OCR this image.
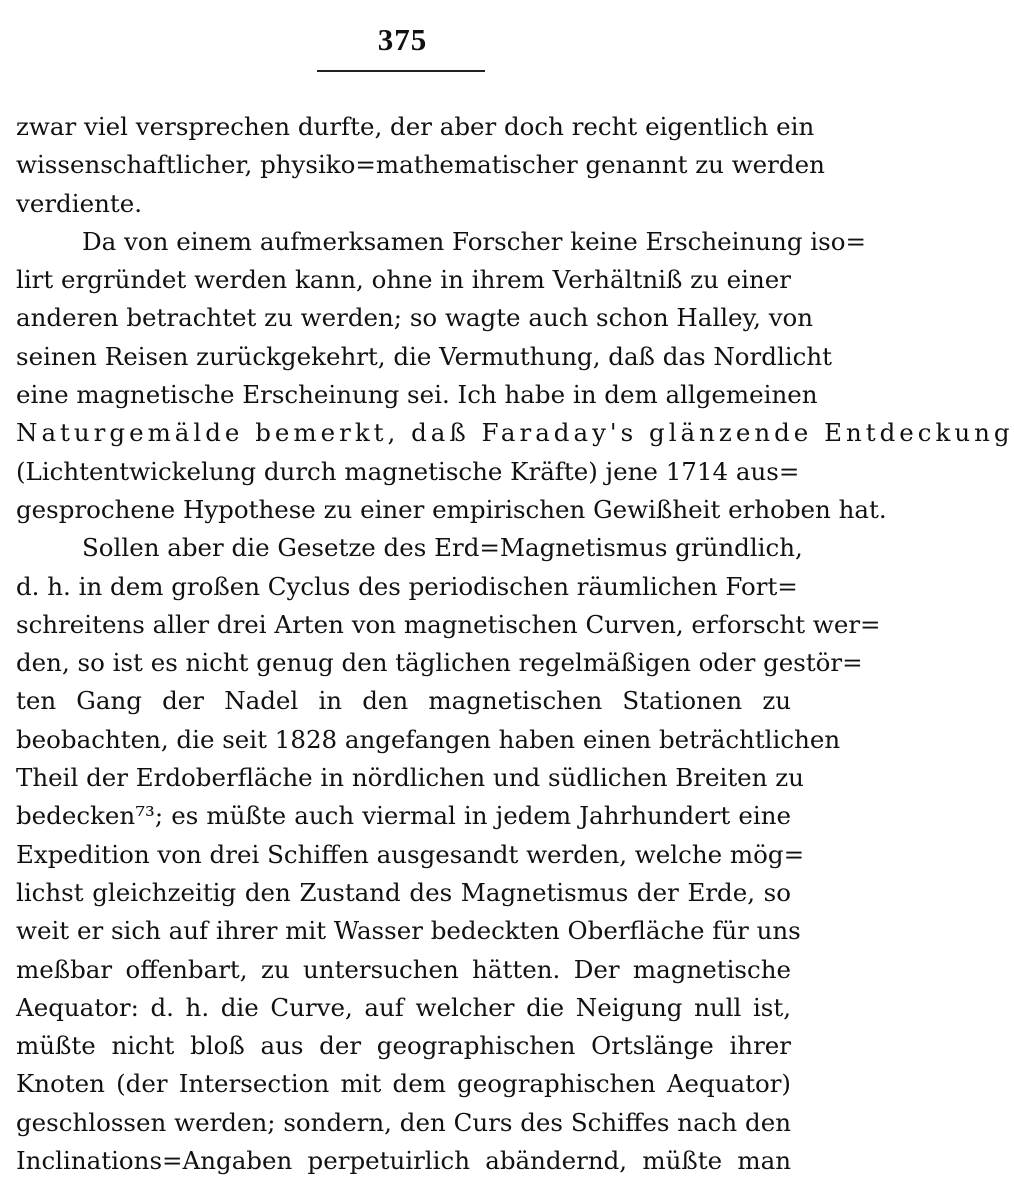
375
zwar viel versprechen durfte, der aber doch recht eigentlich ein
wissenschaftlicher, physiko=mathematischer genannt zu werden
verdiente.
Da von einem aufmerksamen Forscher keine Erscheinung iso=
lirt ergründet werden kann, ohne in ihrem Verhältniß zu einer
anderen betrachtet zu werden; so wagte auch schon Halley, von
seinen Reisen zurückgekehrt, die Vermuthung, daß das Nordlicht
eine magnetische Erscheinung sei. Ich habe in dem allgemeinen
Naturgemälde bemerkt, daß Faraday's glänzende Entdeckung
(Lichtentwickelung durch magnetische Kräfte) jene 1714 aus=
gesprochene Hypothese zu einer empirischen Gewißheit erhoben hat.
Sollen aber die Gesetze des Erd=Magnetismus gründlich,
d. h. in dem großen Cyclus des periodischen räumlichen Fort=
schreitens aller drei Arten von magnetischen Curven, erforscht wer=
den, so ist es nicht genug den täglichen regelmäßigen oder gestör=
ten Gang der Nadel in den magnetischen Stationen zu
beobachten, die seit 1828 angefangen haben einen beträchtlichen
Theil der Erdoberfläche in nördlichen und südlichen Breiten zu
bedecken⁷³; es müßte auch viermal in jedem Jahrhundert eine
Expedition von drei Schiffen ausgesandt werden, welche mög=
lichst gleichzeitig den Zustand des Magnetismus der Erde, so
weit er sich auf ihrer mit Wasser bedeckten Oberfläche für uns
meßbar offenbart, zu untersuchen hätten. Der magnetische
Aequator: d. h. die Curve, auf welcher die Neigung null ist,
müßte nicht bloß aus der geographischen Ortslänge ihrer
Knoten (der Intersection mit dem geographischen Aequator)
geschlossen werden; sondern, den Curs des Schiffes nach den
Inclinations=Angaben perpetuirlich abändernd, müßte man
